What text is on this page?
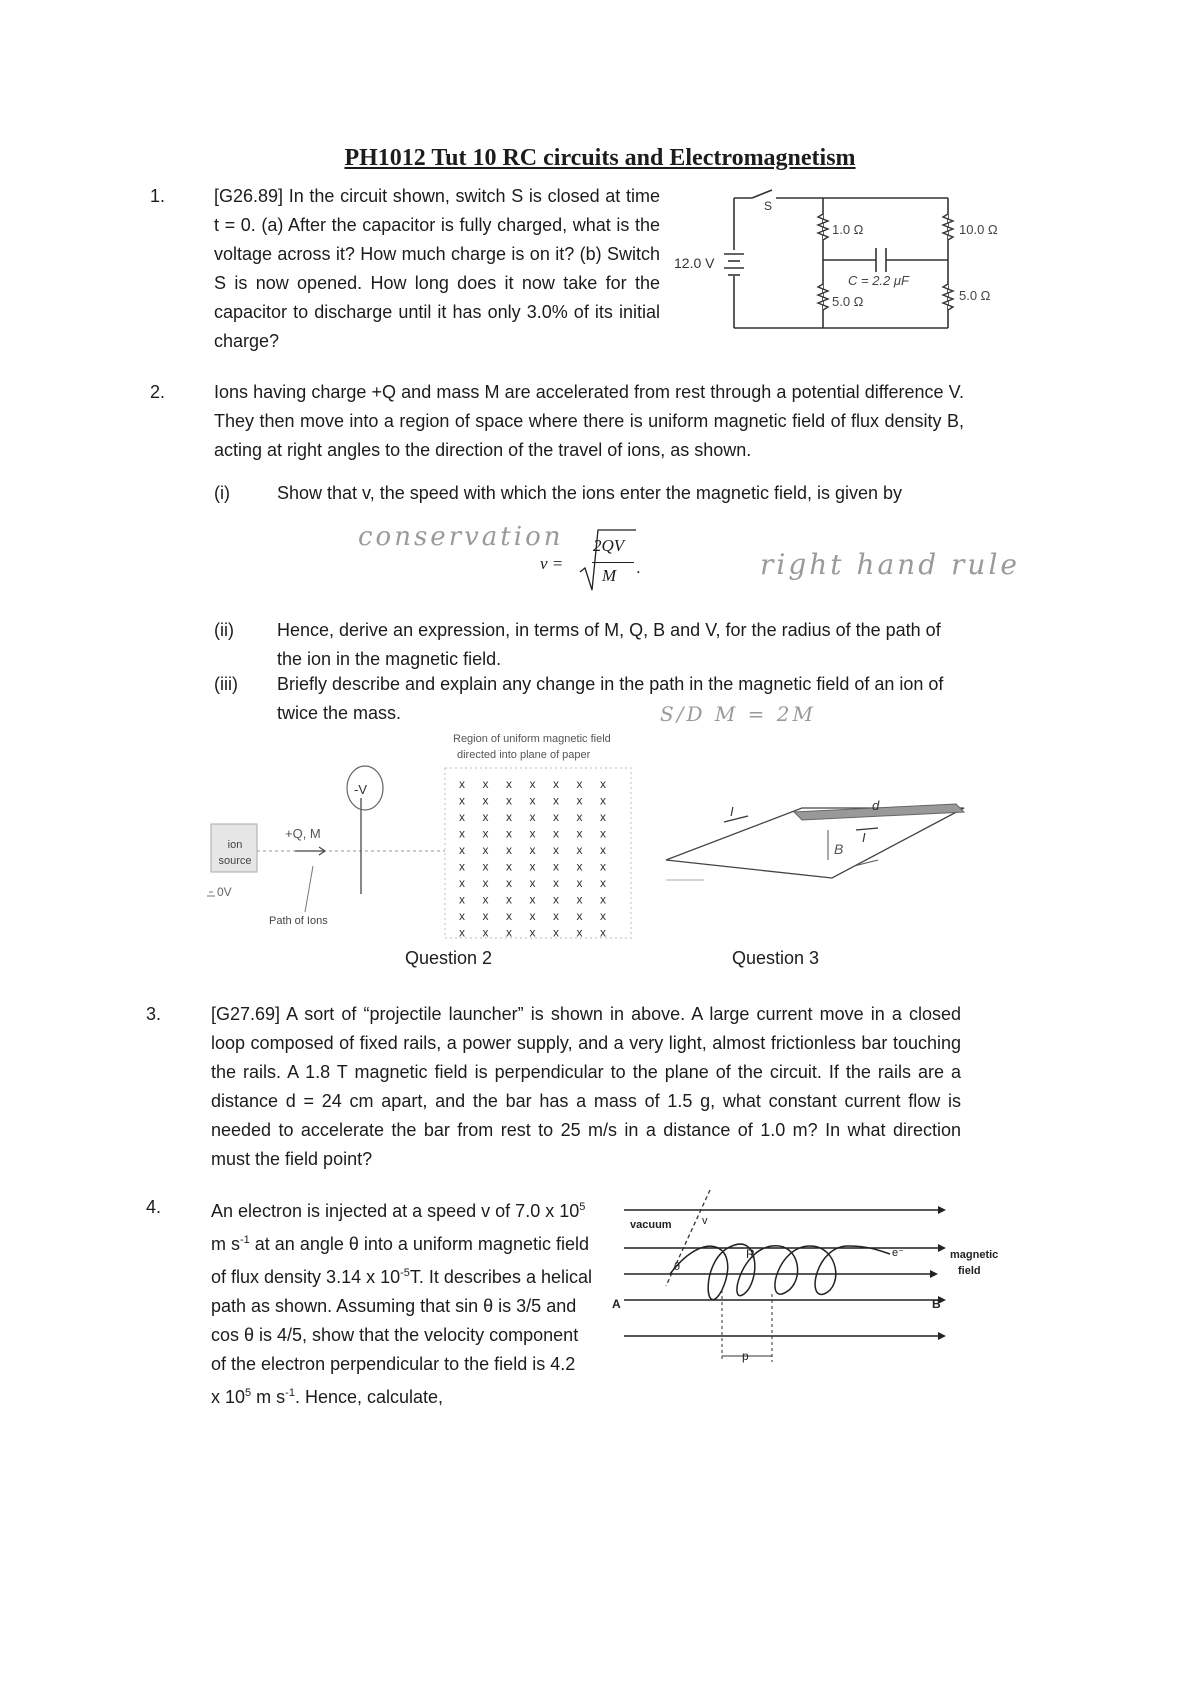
PH1012 Tut 10 RC circuits and Electromagnetism
1.	[G26.89] In the circuit shown, switch S is closed at time t = 0. (a) After the capacitor is fully charged, what is the voltage across it? How much charge is on it? (b) Switch S is now opened. How long does it now take for the capacitor to discharge until it has only 3.0% of its initial charge?
S
12.0 V
1.0 Ω	10.0 Ω
C = 2.2 μF
5.0 Ω	5.0 Ω
2.	Ions having charge +Q and mass M are accelerated from rest through a potential difference V. They then move into a region of space where there is uniform magnetic field of flux density B, acting at right angles to the direction of the travel of ions, as shown.
(i)	Show that v, the speed with which the ions enter the magnetic field, is given by
conservation
v =
2QV
M .	right hand rule
(ii) Hence, derive an expression, in terms of M, Q, B and V, for the radius of the path of the ion in the magnetic field.
(iii) Briefly describe and explain any change in the path in the magnetic field of an ion of twice the mass.	S/D M = 2M
Region of uniform magnetic field
directed into plane of paper
x x x x x x x
x x x x x x x
x x x x x x x
x x x x x x x
x x x x x x x
x x x x x x x
x x x x x x x
x x x x x x x
x x x x x x x
x x x x x x x
ion
source
+Q, M
-V
0V
Path of Ions
I	d
I
B
Question 2	Question 3
3.	[G27.69] A sort of “projectile launcher” is shown in above. A large current move in a closed loop composed of fixed rails, a power supply, and a very light, almost frictionless bar touching the rails. A 1.8 T magnetic field is perpendicular to the plane of the circuit. If the rails are a distance d = 24 cm apart, and the bar has a mass of 1.5 g, what constant current flow is needed to accelerate the bar from rest to 25 m/s in a distance of 1.0 m? In what direction must the field point?
4.	An electron is injected at a speed v of 7.0 x $10^5$
m $s^{-1}$ at an angle θ into a uniform magnetic field
of flux density 3.14 x $10^{-5}T$. It describes a helical
path as shown. Assuming that sin θ is 3/5 and
cos θ is 4/5, show that the velocity component
of the electron perpendicular to the field is 4.2
x $10^5$ m $s^{-1}$. Hence, calculate,
vacuum	v
R	e⁻
θ
A	B
p
magnetic
field
